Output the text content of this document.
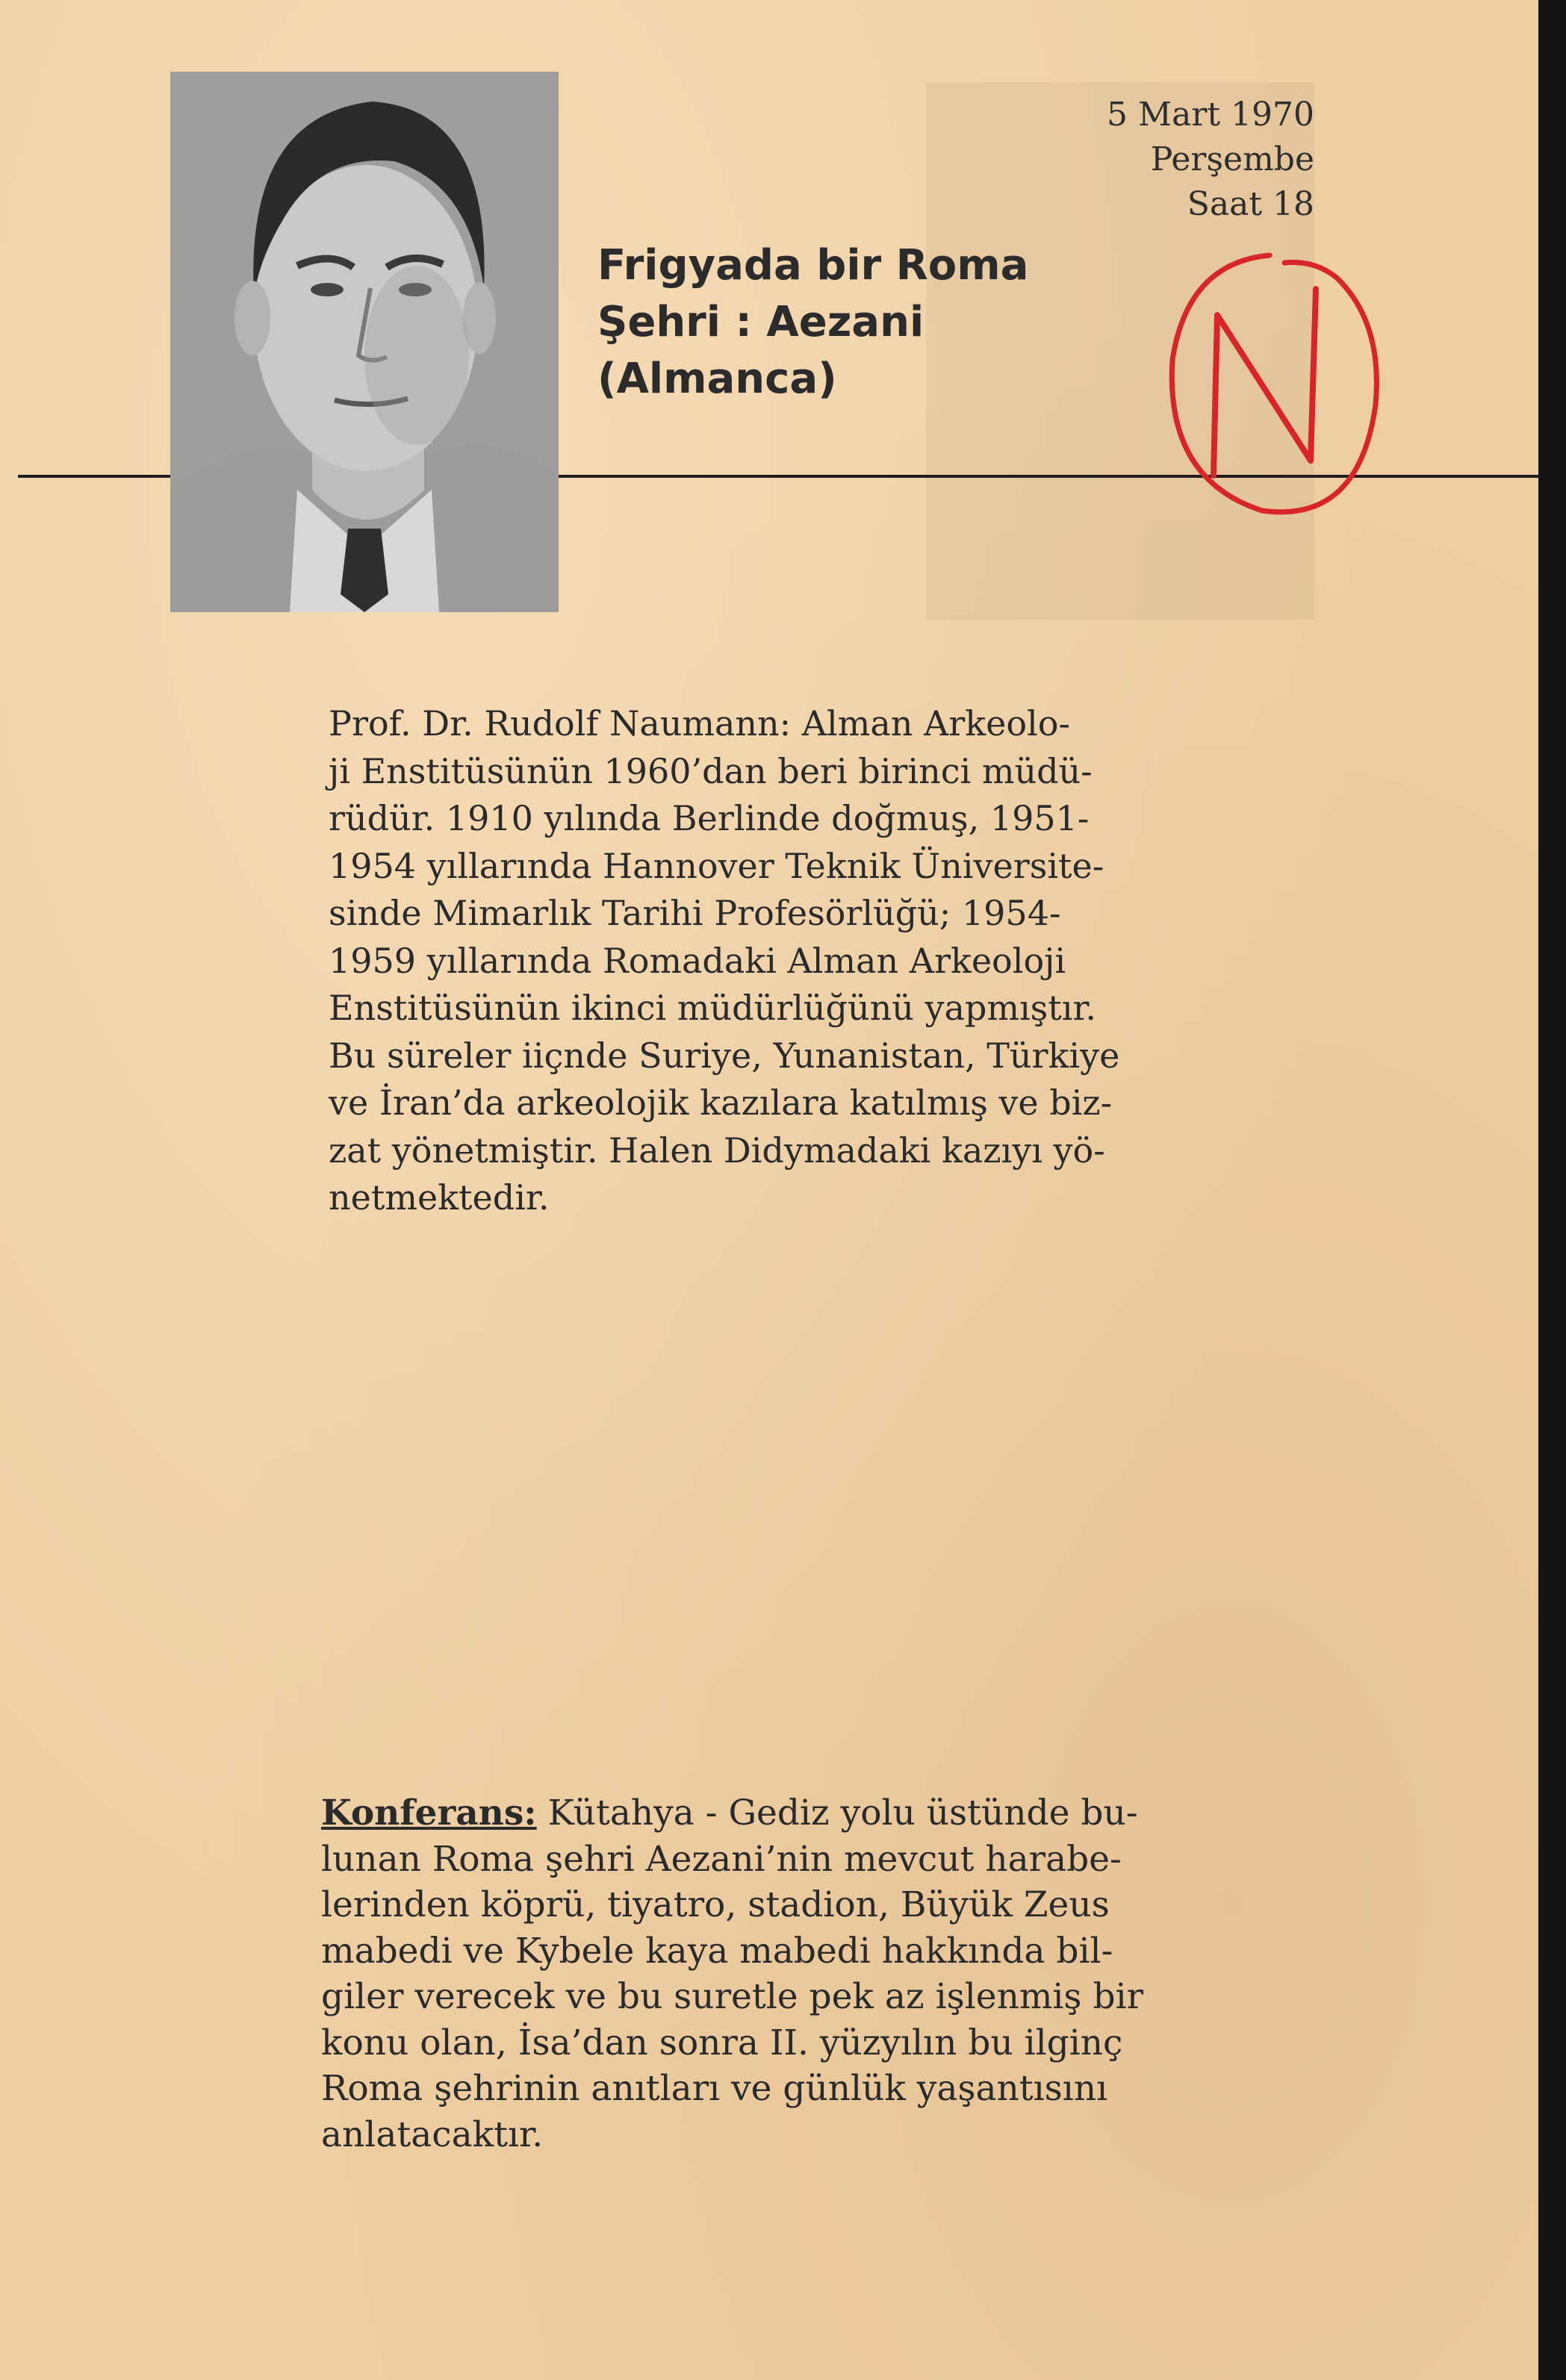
Frigyada bir Roma
Şehri : Aezani
(Almanca)
5 Mart 1970
Perşembe
Saat 18
Prof. Dr. Rudolf Naumann: Alman Arkeolo-
ji Enstitüsünün 1960’dan beri birinci müdü-
rüdür. 1910 yılında Berlinde doğmuş, 1951-
1954 yıllarında Hannover Teknik Üniversite-
sinde Mimarlık Tarihi Profesörlüğü; 1954-
1959 yıllarında Romadaki Alman Arkeoloji
Enstitüsünün ikinci müdürlüğünü yapmıştır.
Bu süreler iiçnde Suriye, Yunanistan, Türkiye
ve İran’da arkeolojik kazılara katılmış ve biz-
zat yönetmiştir. Halen Didymadaki kazıyı yö-
netmektedir.
Konferans: Kütahya - Gediz yolu üstünde bu-
lunan Roma şehri Aezani’nin mevcut harabe-
lerinden köprü, tiyatro, stadion, Büyük Zeus
mabedi ve Kybele kaya mabedi hakkında bil-
giler verecek ve bu suretle pek az işlenmiş bir
konu olan, İsa’dan sonra II. yüzyılın bu ilginç
Roma şehrinin anıtları ve günlük yaşantısını
anlatacaktır.
